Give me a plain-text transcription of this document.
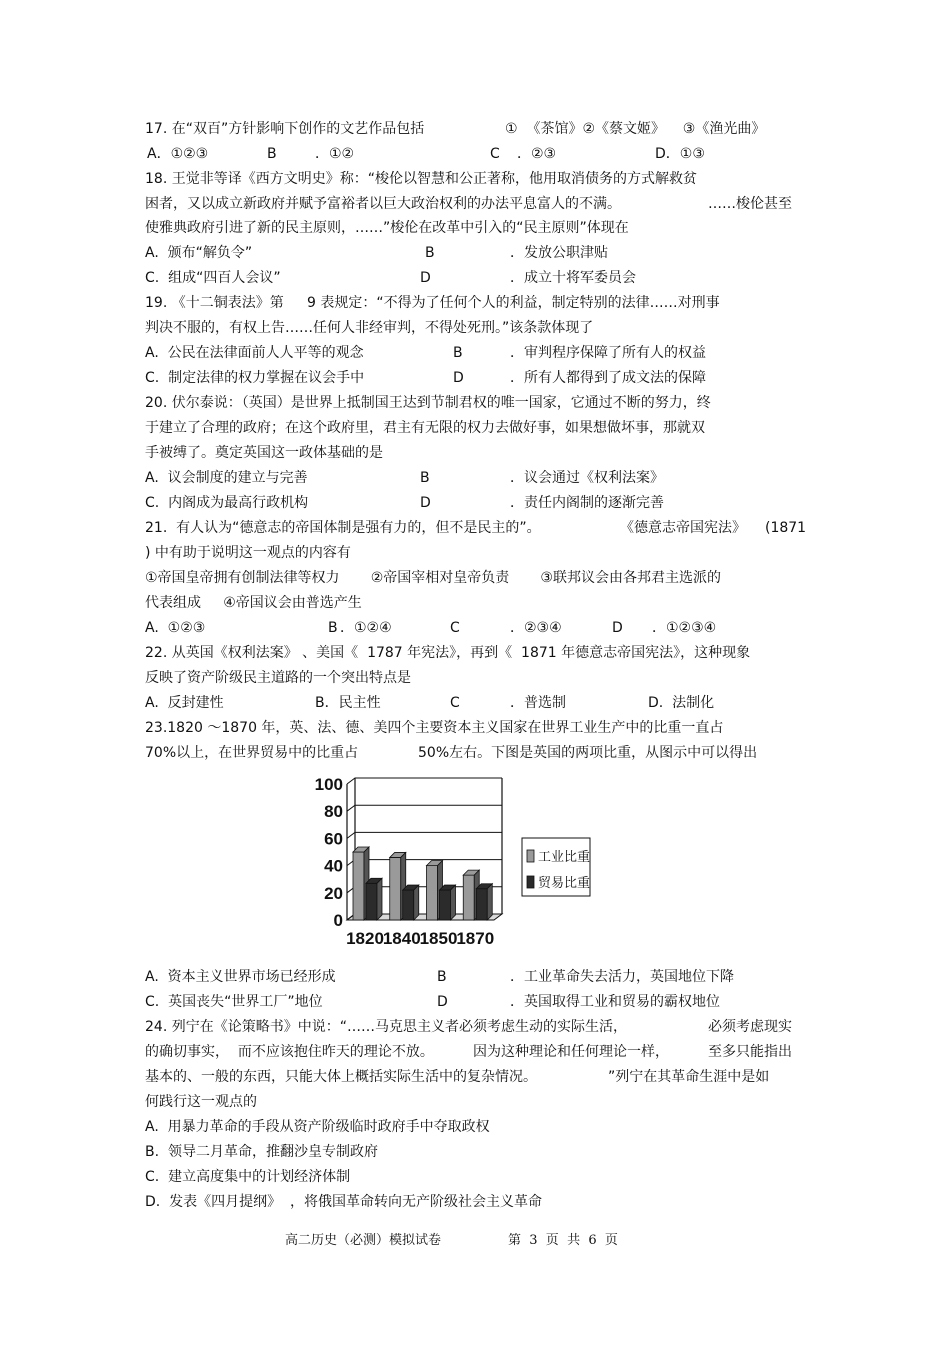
17. 在“双百”方针影响下创作的文艺作品包括	①  《茶馆》②《蔡文姬》    ③《渔光曲》
A．①②③	B	．①②	C ．②③	D．①③
18. 王觉非等译《西方文明史》称：“梭伦以智慧和公正著称，他用取消债务的方式解救贫
困者，又以成立新政府并赋予富裕者以巨大政治权利的办法平息富人的不满。	……梭伦甚至
使雅典政府引进了新的民主原则，……”梭伦在改革中引入的“民主原则”体现在
A.  颁布“解负令”	B	．发放公职津贴
C.  组成“四百人会议”	D	．成立十将军委员会
19. 《十二铜表法》第 9 表规定：“不得为了任何个人的利益，制定特别的法律……对刑事
判决不服的，有权上告……任何人非经审判，不得处死刑。”该条款体现了
A.  公民在法律面前人人平等的观念	B	．审判程序保障了所有人的权益
C.  制定法律的权力掌握在议会手中	D	．所有人都得到了成文法的保障
20. 伏尔泰说：（英国）是世界上抵制国王达到节制君权的唯一国家，它通过不断的努力，终
于建立了合理的政府；在这个政府里，君主有无限的权力去做好事，如果想做坏事，那就双
手被缚了。奠定英国这一政体基础的是
A.  议会制度的建立与完善	B	．议会通过《权利法案》
C.  内阁成为最高行政机构	D	．责任内阁制的逐渐完善
21.  有人认为“德意志的帝国体制是强有力的，但不是民主的”。	《德意志帝国宪法》 (1871
) 中有助于说明这一观点的内容有
①帝国皇帝拥有创制法律等权力       ②帝国宰相对皇帝负责       ③联邦议会由各邦君主选派的
代表组成     ④帝国议会由普选产生
A.  ①②③	B ．①②④	C	．②③④	D ．①②③④
22. 从英国《权利法案》 、美国《  1787 年宪法》，再到《  1871 年德意志帝国宪法》，这种现象
反映了资产阶级民主道路的一个突出特点是
A.  反封建性	B．民主性	C	．普选制	D.  法制化
23.1820 ～1870 年，英、法、德、美四个主要资本主义国家在世界工业生产中的比重一直占
70%以上，在世界贸易中的比重占	50%左右。下图是英国的两项比重，从图示中可以得出
0
20
40
60
80
100
1820
1840
1850
1870
工业比重
贸易比重
A.  资本主义世界市场已经形成	B	．工业革命失去活力，英国地位下降
C.  英国丧失“世界工厂”地位	D	．英国取得工业和贸易的霸权地位
24. 列宁在《论策略书》中说：“……马克思主义者必须考虑生动的实际生活，	必须考虑现实
的确切事实，  而不应该抱住昨天的理论不放。	因为这种理论和任何理论一样，	至多只能指出
基本的、一般的东西，只能大体上概括实际生活中的复杂情况。	”列宁在其革命生涯中是如
何践行这一观点的
A.  用暴力革命的手段从资产阶级临时政府手中夺取政权
B.  领导二月革命，推翻沙皇专制政府
C.  建立高度集中的计划经济体制
D.  发表《四月提纲》  ，将俄国革命转向无产阶级社会主义革命
高二历史（必测）模拟试卷	第  3  页  共  6  页
